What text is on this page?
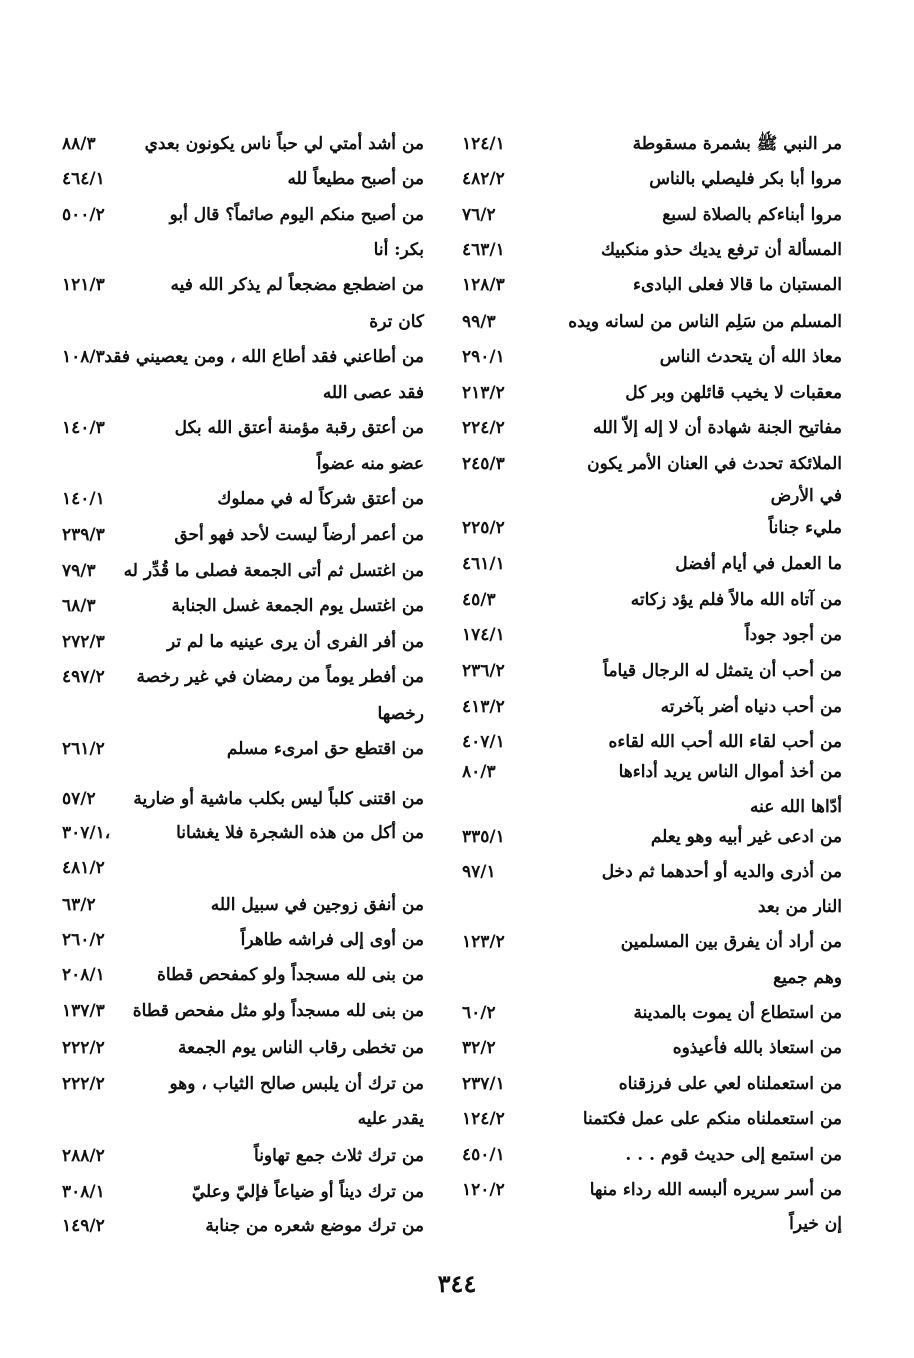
مر النبي ﷺ بشمرة مسقوطة
١٢٤/١
مروا أبا بكر فليصلي بالناس
٤٨٢/٢
مروا أبناءكم بالصلاة لسبع
٧٦/٢
المسألة أن ترفع يديك حذو منكبيك
٤٦٣/١
المستبان ما قالا فعلى البادىء
١٢٨/٣
المسلم من سَلِم الناس من لسانه ويده
٩٩/٣
معاذ الله أن يتحدث الناس
٢٩٠/١
معقبات لا يخيب قائلهن وبر كل
٢١٣/٢
مفاتيح الجنة شهادة أن لا إله إلاّ الله
٢٢٤/٢
الملائكة تحدث في العنان الأمر يكون
٢٤٥/٣
في الأرض
مليء جناناً
٢٢٥/٢
ما العمل في أيام أفضل
٤٦١/١
من آتاه الله مالاً فلم يؤد زكاته
٤٥/٣
من أجود جوداً
١٧٤/١
من أحب أن يتمثل له الرجال قياماً
٢٣٦/٢
من أحب دنياه أضر بآخرته
٤١٣/٢
من أحب لقاء الله أحب الله لقاءه
٤٠٧/١
من أخذ أموال الناس يريد أداءها
٨٠/٣
أدّاها الله عنه
من ادعى غير أبيه وهو يعلم
٣٣٥/١
من أذرى والديه أو أحدهما ثم دخل
٩٧/١
النار من بعد
من أراد أن يفرق بين المسلمين
١٢٣/٢
وهم جميع
من استطاع أن يموت بالمدينة
٦٠/٢
من استعاذ بالله فأعيذوه
٣٢/٢
من استعملناه لعي على فرزقناه
٢٣٧/١
من استعملناه منكم على عمل فكتمنا
١٢٤/٢
من استمع إلى حديث قوم . . .
٤٥٠/١
من أسر سريره ألبسه الله رداء منها
١٢٠/٢
إن خيراً
من أشد أمتي لي حباً ناس يكونون بعدي
٨٨/٣
من أصبح مطيعاً لله
٤٦٤/١
من أصبح منكم اليوم صائماً؟ قال أبو
٥٠٠/٢
بكر: أنا
من اضطجع مضجعاً لم يذكر الله فيه
١٢١/٣
كان ترة
من أطاعني فقد أطاع الله ، ومن يعصيني فقد
١٠٨/٣
فقد عصى الله
من أعتق رقبة مؤمنة أعتق الله بكل
١٤٠/٣
عضو منه عضواً
من أعتق شركاً له في مملوك
١٤٠/١
من أعمر أرضاً ليست لأحد فهو أحق
٢٣٩/٣
من اغتسل ثم أتى الجمعة فصلى ما قُدِّر له
٧٩/٣
من اغتسل يوم الجمعة غسل الجنابة
٦٨/٣
من أفر الفرى أن يرى عينيه ما لم تر
٢٧٢/٣
من أفطر يوماً من رمضان في غير رخصة
٤٩٧/٢
رخصها
من اقتطع حق امرىء مسلم
٢٦١/٢
من اقتنى كلباً ليس بكلب ماشية أو ضارية
٥٧/٢
من أكل من هذه الشجرة فلا يغشانا
٣٠٧/١،
٤٨١/٢
من أنفق زوجين في سبيل الله
٦٣/٢
من أوى إلى فراشه طاهراً
٢٦٠/٢
من بنى لله مسجداً ولو كمفحص قطاة
٢٠٨/١
من بنى لله مسجداً ولو مثل مفحص قطاة
١٣٧/٣
من تخطى رقاب الناس يوم الجمعة
٢٢٢/٢
من ترك أن يلبس صالح الثياب ، وهو
٢٢٢/٢
يقدر عليه
من ترك ثلاث جمع تهاوناً
٢٨٨/٢
من ترك ديناً أو ضياعاً فإليّ وعليّ
٣٠٨/١
من ترك موضع شعره من جنابة
١٤٩/٢
٣٤٤
